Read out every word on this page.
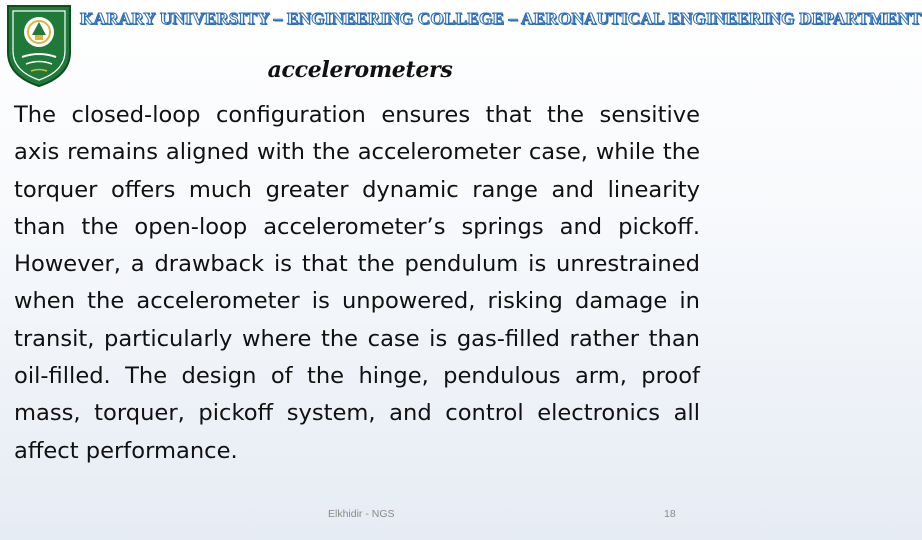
KARARY UNIVERSITY – ENGINEERING COLLEGE – AERONAUTICAL ENGINEERING DEPARTMENT
accelerometers
The closed-loop configuration ensures that the sensitive axis remains aligned with the accelerometer case, while the torquer offers much greater dynamic range and linearity than the open-loop accelerometer’s springs and pickoff. However, a drawback is that the pendulum is unrestrained when the accelerometer is unpowered, risking damage in transit, particularly where the case is gas-filled rather than oil-filled. The design of the hinge, pendulous arm, proof mass, torquer, pickoff system, and control electronics all affect performance.
Elkhidir - NGS	18
